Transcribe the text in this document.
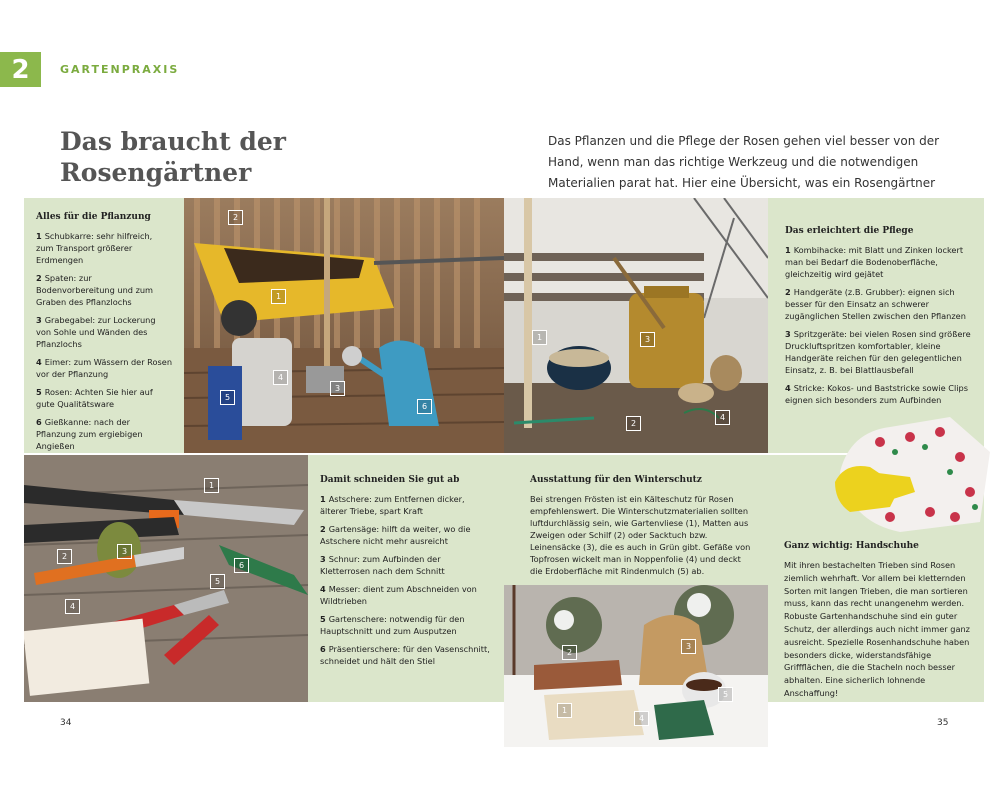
2	GARTENPRAXIS
Das braucht der
Rosengärtner
Das Pflanzen und die Pflege der Rosen gehen viel besser von der Hand, wenn man das richtige Werkzeug und die notwendigen Materialien parat hat. Hier eine Übersicht, was ein Rosengärtner
Alles für die Pflanzung

1 Schubkarre: sehr hilfreich, zum Transport größerer Erdmengen

2 Spaten: zur Bodenvorbereitung und zum Graben des Pflanzlochs

3 Grabegabel: zur Lockerung von Sohle und Wänden des Pflanzlochs

4 Eimer: zum Wässern der Rosen vor der Pflanzung

5 Rosen: Achten Sie hier auf gute Qualitätsware

6 Gießkanne: nach der Pflanzung zum ergiebigen Angießen

2
1
3
4
5
6
1	3
2
4
Das erleichtert die Pflege

1 Kombihacke: mit Blatt und Zinken lockert man bei Bedarf die Bodenoberfläche, gleichzeitig wird gejätet

2 Handgeräte (z.B. Grubber): eignen sich besser für den Einsatz an schwerer zugänglichen Stellen zwischen den Pflanzen

3 Spritzgeräte: bei vielen Rosen sind größere Druckluftspritzen komfortabler, kleine Handgeräte reichen für den gelegentlichen Einsatz, z. B. bei Blattlausbefall

4 Stricke: Kokos- und Baststricke sowie Clips eignen sich besonders zum Aufbinden

1
2
3
4
5
6
Damit schneiden Sie gut ab

1 Astschere: zum Entfernen dicker, älterer Triebe, spart Kraft

2 Gartensäge: hilft da weiter, wo die Astschere nicht mehr ausreicht

3 Schnur: zum Aufbinden der Kletterrosen nach dem Schnitt

4 Messer: dient zum Abschneiden von Wildtrieben

5 Gartenschere: notwendig für den Hauptschnitt und zum Ausputzen

6 Präsentierschere: für den Vasenschnitt, schneidet und hält den Stiel

Ausstattung für den Winterschutz
Bei strengen Frösten ist ein Kälteschutz für Rosen empfehlenswert. Die Winterschutzmaterialien sollten luftdurchlässig sein, wie Gartenvliese (1), Matten aus Zweigen oder Schilf (2) oder Sacktuch bzw. Leinensäcke (3), die es auch in Grün gibt. Gefäße von Topfrosen wickelt man in Noppenfolie (4) und deckt die Erdoberfläche mit Rindenmulch (5) ab.
2
3
5
1
4
Ganz wichtig: Handschuhe
Mit ihren bestachelten Trieben sind Rosen ziemlich wehrhaft. Vor allem bei kletternden Sorten mit langen Trieben, die man sortieren muss, kann das recht unangenehm werden. Robuste Gartenhandschuhe sind ein guter Schutz, der allerdings auch nicht immer ganz ausreicht. Spezielle Rosenhandschuhe haben besonders dicke, widerstandsfähige Griffflächen, die die Stacheln noch besser abhalten. Eine sicherlich lohnende Anschaffung!
34	35
